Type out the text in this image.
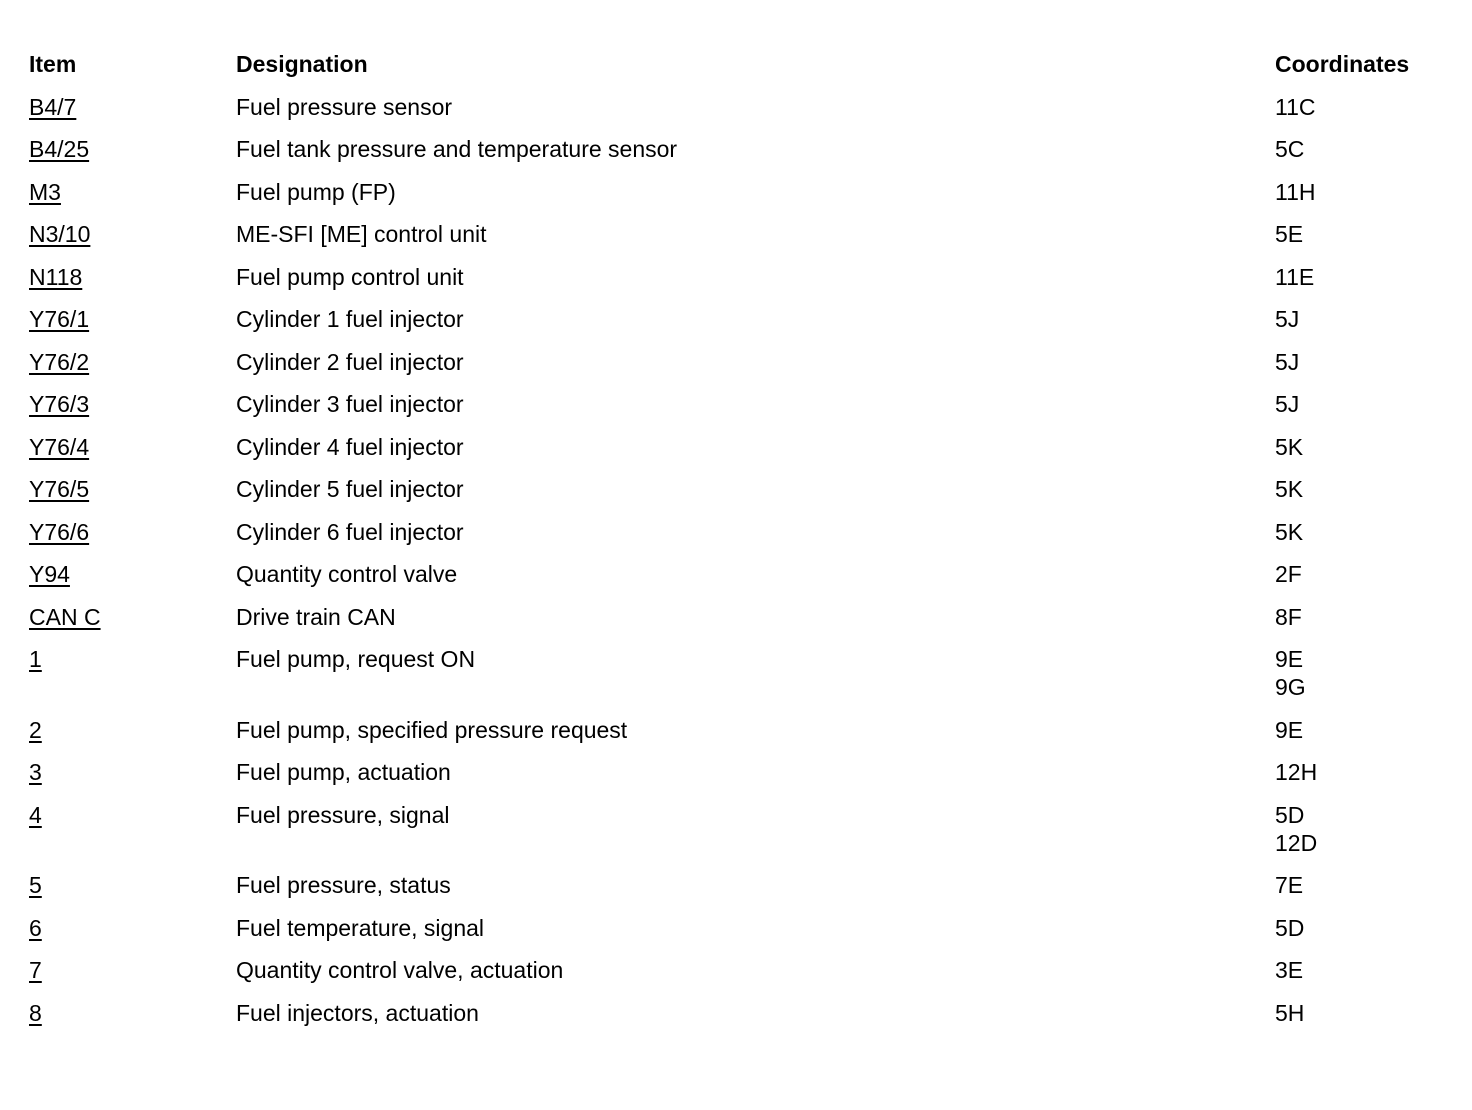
Item	Designation	Coordinates
B4/7	Fuel pressure sensor	11C
B4/25	Fuel tank pressure and temperature sensor	5C
M3	Fuel pump (FP)	11H
N3/10	ME-SFI [ME] control unit	5E
N118	Fuel pump control unit	11E
Y76/1	Cylinder 1 fuel injector	5J
Y76/2	Cylinder 2 fuel injector	5J
Y76/3	Cylinder 3 fuel injector	5J
Y76/4	Cylinder 4 fuel injector	5K
Y76/5	Cylinder 5 fuel injector	5K
Y76/6	Cylinder 6 fuel injector	5K
Y94	Quantity control valve	2F
CAN C	Drive train CAN	8F
1	Fuel pump, request ON	9E
9G
2	Fuel pump, specified pressure request	9E
3	Fuel pump, actuation	12H
4	Fuel pressure, signal	5D
12D
5	Fuel pressure, status	7E
6	Fuel temperature, signal	5D
7	Quantity control valve, actuation	3E
8	Fuel injectors, actuation	5H
